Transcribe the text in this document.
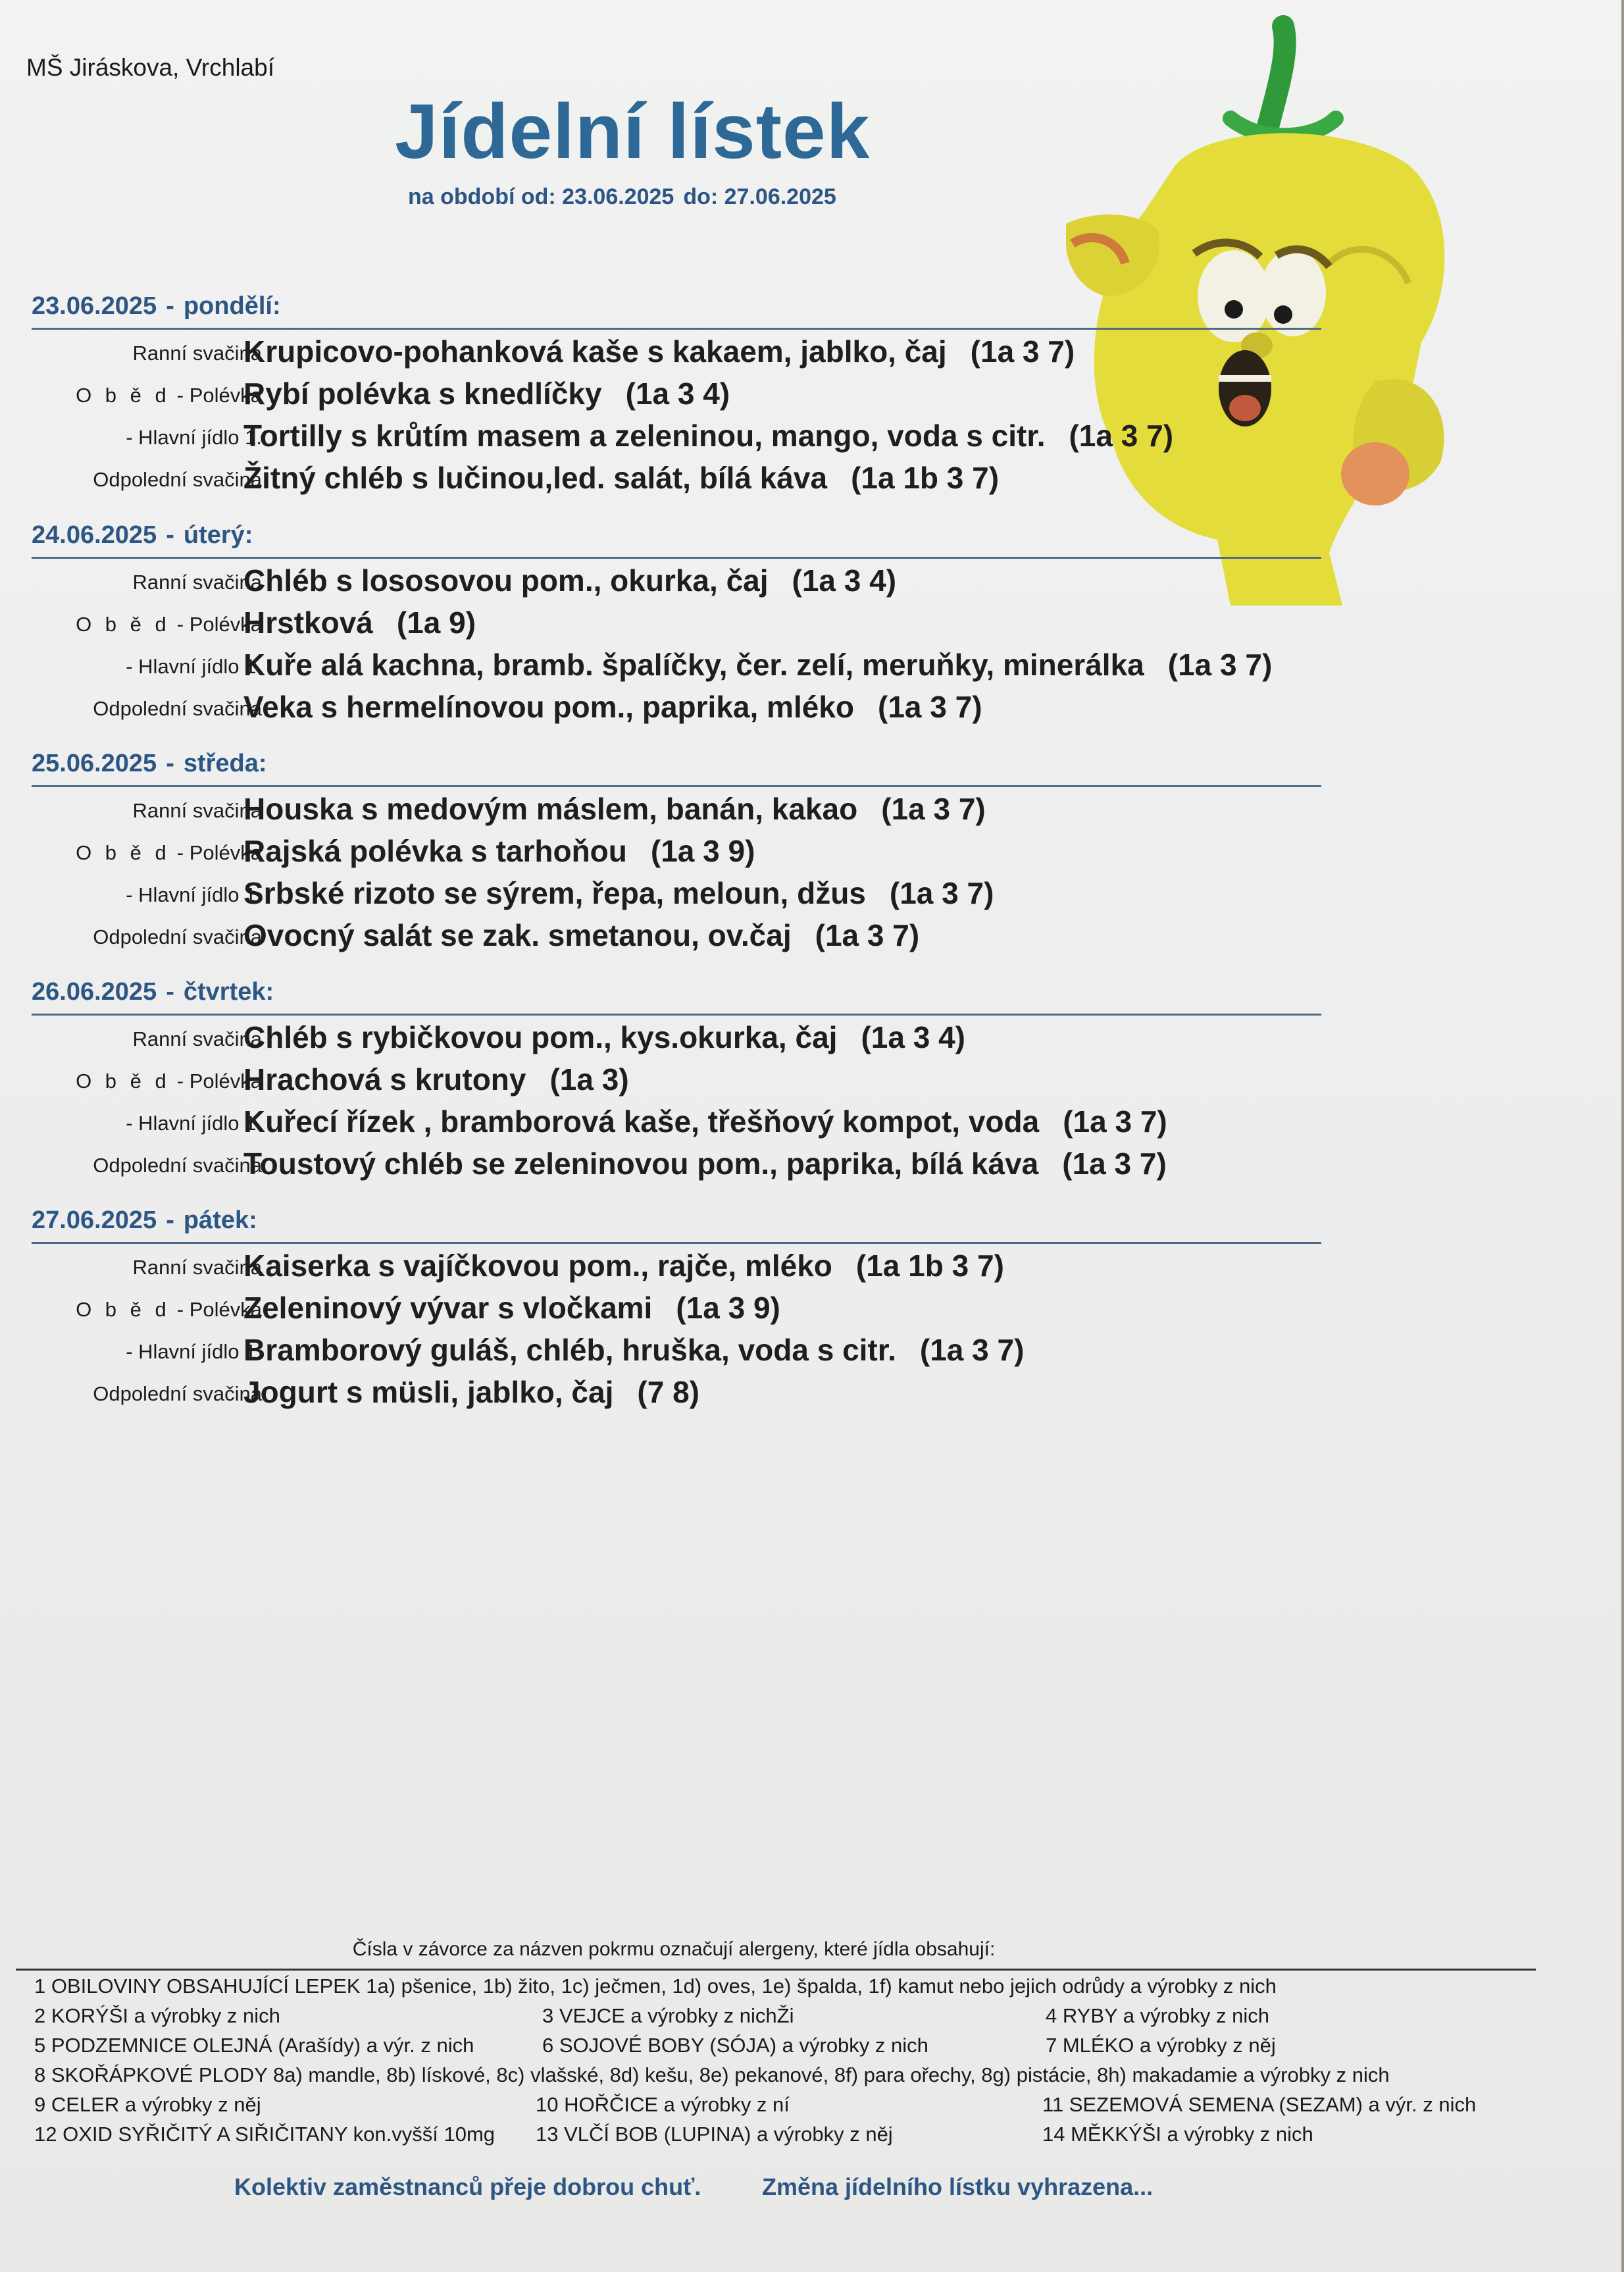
MŠ Jiráskova, Vrchlabí
Jídelní lístek
na období od: 23.06.2025 do: 27.06.2025
23.06.2025 - pondělí:
Ranní svačina
Krupicovo-pohanková kaše s kakaem, jablko, čaj (1a 3 7)
O b ě d - Polévka
Rybí polévka s knedlíčky (1a 3 4)
- Hlavní jídlo 1.
Tortilly s krůtím masem a zeleninou, mango, voda s citr. (1a 3 7)
Odpolední svačina
Žitný chléb s lučinou,led. salát, bílá káva (1a 1b 3 7)
24.06.2025 - úterý:
Ranní svačina
Chléb s lososovou pom., okurka, čaj (1a 3 4)
O b ě d - Polévka
Hrstková (1a 9)
- Hlavní jídlo 1.
Kuře alá kachna, bramb. špalíčky, čer. zelí, meruňky, minerálka (1a 3 7)
Odpolední svačina
Veka s hermelínovou pom., paprika, mléko (1a 3 7)
25.06.2025 - středa:
Ranní svačina
Houska s medovým máslem, banán, kakao (1a 3 7)
O b ě d - Polévka
Rajská polévka s tarhoňou (1a 3 9)
- Hlavní jídlo 1.
Srbské rizoto se sýrem, řepa, meloun, džus (1a 3 7)
Odpolední svačina
Ovocný salát se zak. smetanou, ov.čaj (1a 3 7)
26.06.2025 - čtvrtek:
Ranní svačina
Chléb s rybičkovou pom., kys.okurka, čaj (1a 3 4)
O b ě d - Polévka
Hrachová s krutony (1a 3)
- Hlavní jídlo 1.
Kuřecí řízek , bramborová kaše, třešňový kompot, voda (1a 3 7)
Odpolední svačina
Toustový chléb se zeleninovou pom., paprika, bílá káva (1a 3 7)
27.06.2025 - pátek:
Ranní svačina
Kaiserka s vajíčkovou pom., rajče, mléko (1a 1b 3 7)
O b ě d - Polévka
Zeleninový vývar s vločkami (1a 3 9)
- Hlavní jídlo 1.
Bramborový guláš, chléb, hruška, voda s citr. (1a 3 7)
Odpolední svačina
Jogurt s müsli, jablko, čaj (7 8)
Čísla v závorce za názven pokrmu označují alergeny, které jídla obsahují:
1 OBILOVINY OBSAHUJÍCÍ LEPEK 1a) pšenice, 1b) žito, 1c) ječmen, 1d) oves, 1e) špalda, 1f) kamut nebo jejich odrůdy a výrobky z nich
2 KORÝŠI a výrobky z nich	3 VEJCE a výrobky z nichŽi	4 RYBY a výrobky z nich
5 PODZEMNICE OLEJNÁ (Arašídy) a výr. z nich	6 SOJOVÉ BOBY (SÓJA) a výrobky z nich	7 MLÉKO a výrobky z něj
8 SKOŘÁPKOVÉ PLODY 8a) mandle, 8b) lískové, 8c) vlašské, 8d) kešu, 8e) pekanové, 8f) para ořechy, 8g) pistácie, 8h) makadamie a výrobky z nich
9 CELER a výrobky z něj	10 HOŘČICE a výrobky z ní	11 SEZEMOVÁ SEMENA (SEZAM) a výr. z nich
12 OXID SYŘIČITÝ A SIŘIČITANY kon.vyšší 10mg 13 VLČÍ BOB (LUPINA) a výrobky z něj	14 MĚKKÝŠI a výrobky z nich
Kolektiv zaměstnanců přeje dobrou chuť.	Změna jídelního lístku vyhrazena...
